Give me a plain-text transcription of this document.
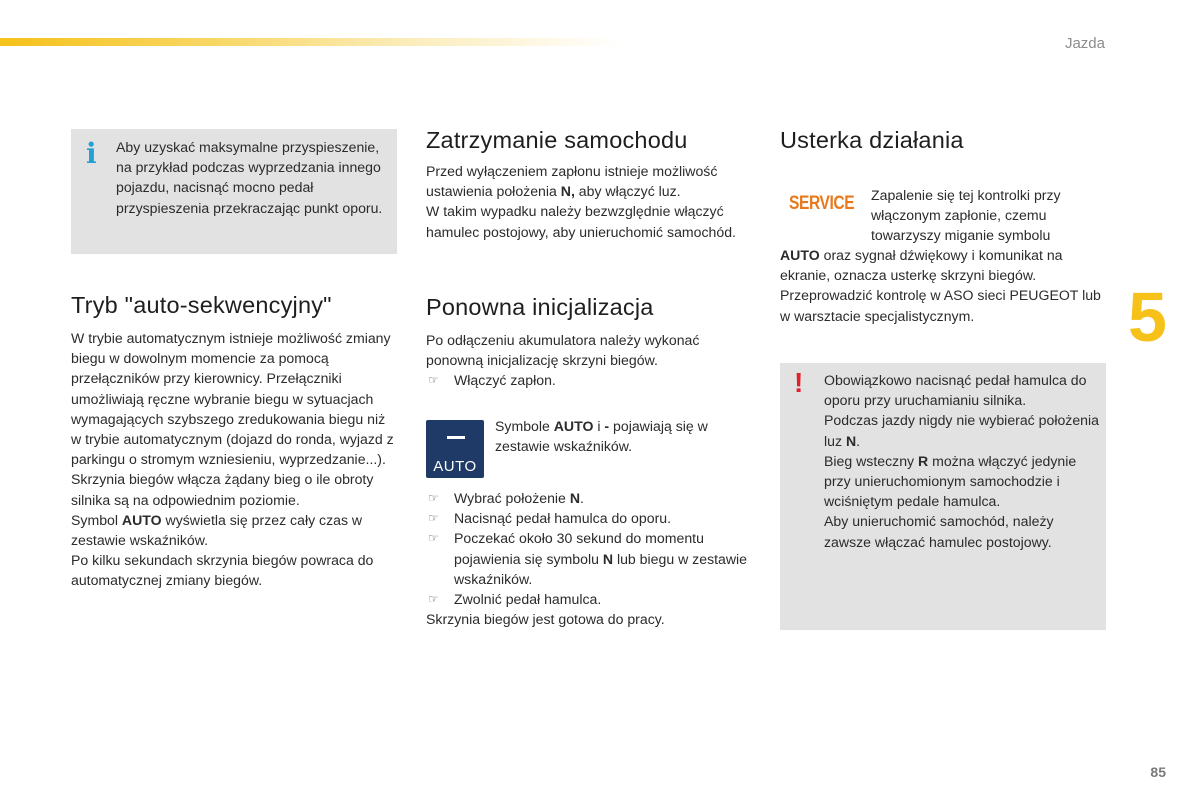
Jazda
5
85
i Aby uzyskać maksymalne przyspieszenie, na przykład podczas wyprzedzania innego pojazdu, nacisnąć mocno pedał przyspieszenia przekraczając punkt oporu.

Tryb "auto-sekwencyjny"

W trybie automatycznym istnieje możliwość zmiany biegu w dowolnym momencie za pomocą przełączników przy kierownicy. Przełączniki umożliwiają ręczne wybranie biegu w sytuacjach wymagających szybszego zredukowania biegu niż w trybie automatycznym (dojazd do ronda, wyjazd z parkingu o stromym wzniesieniu, wyprzedzanie...).

Skrzynia biegów włącza żądany bieg o ile obroty silnika są na odpowiednim poziomie.

Symbol AUTO wyświetla się przez cały czas w zestawie wskaźników.

Po kilku sekundach skrzynia biegów powraca do automatycznej zmiany biegów.

Zatrzymanie samochodu

Przed wyłączeniem zapłonu istnieje możliwość ustawienia położenia N, aby włączyć luz.

W takim wypadku należy bezwzględnie włączyć hamulec postojowy, aby unieruchomić samochód.

Ponowna inicjalizacja

Po odłączeniu akumulatora należy wykonać ponowną inicjalizację skrzyni biegów.

☞ Włączyć zapłon.
AUTO

Symbole AUTO i - pojawiają się w zestawie wskaźników.

☞ Wybrać położenie N.
☞ Nacisnąć pedał hamulca do oporu.
☞ Poczekać około 30 sekund do momentu pojawienia się symbolu N lub biegu w zestawie wskaźników.
☞ Zwolnić pedał hamulca.

Skrzynia biegów jest gotowa do pracy.

Usterka działania
SERVICE Zapalenie się tej kontrolki przy włączonym zapłonie, czemu towarzyszy miganie symbolu

AUTO oraz sygnał dźwiękowy i komunikat na ekranie, oznacza usterkę skrzyni biegów. Przeprowadzić kontrolę w ASO sieci PEUGEOT lub w warsztacie specjalistycznym.

! Obowiązkowo nacisnąć pedał hamulca do oporu przy uruchamianiu silnika.
Podczas jazdy nigdy nie wybierać położenia luz N.
Bieg wsteczny R można włączyć jedynie przy unieruchomionym samochodzie i wciśniętym pedale hamulca.
Aby unieruchomić samochód, należy zawsze włączać hamulec postojowy.
